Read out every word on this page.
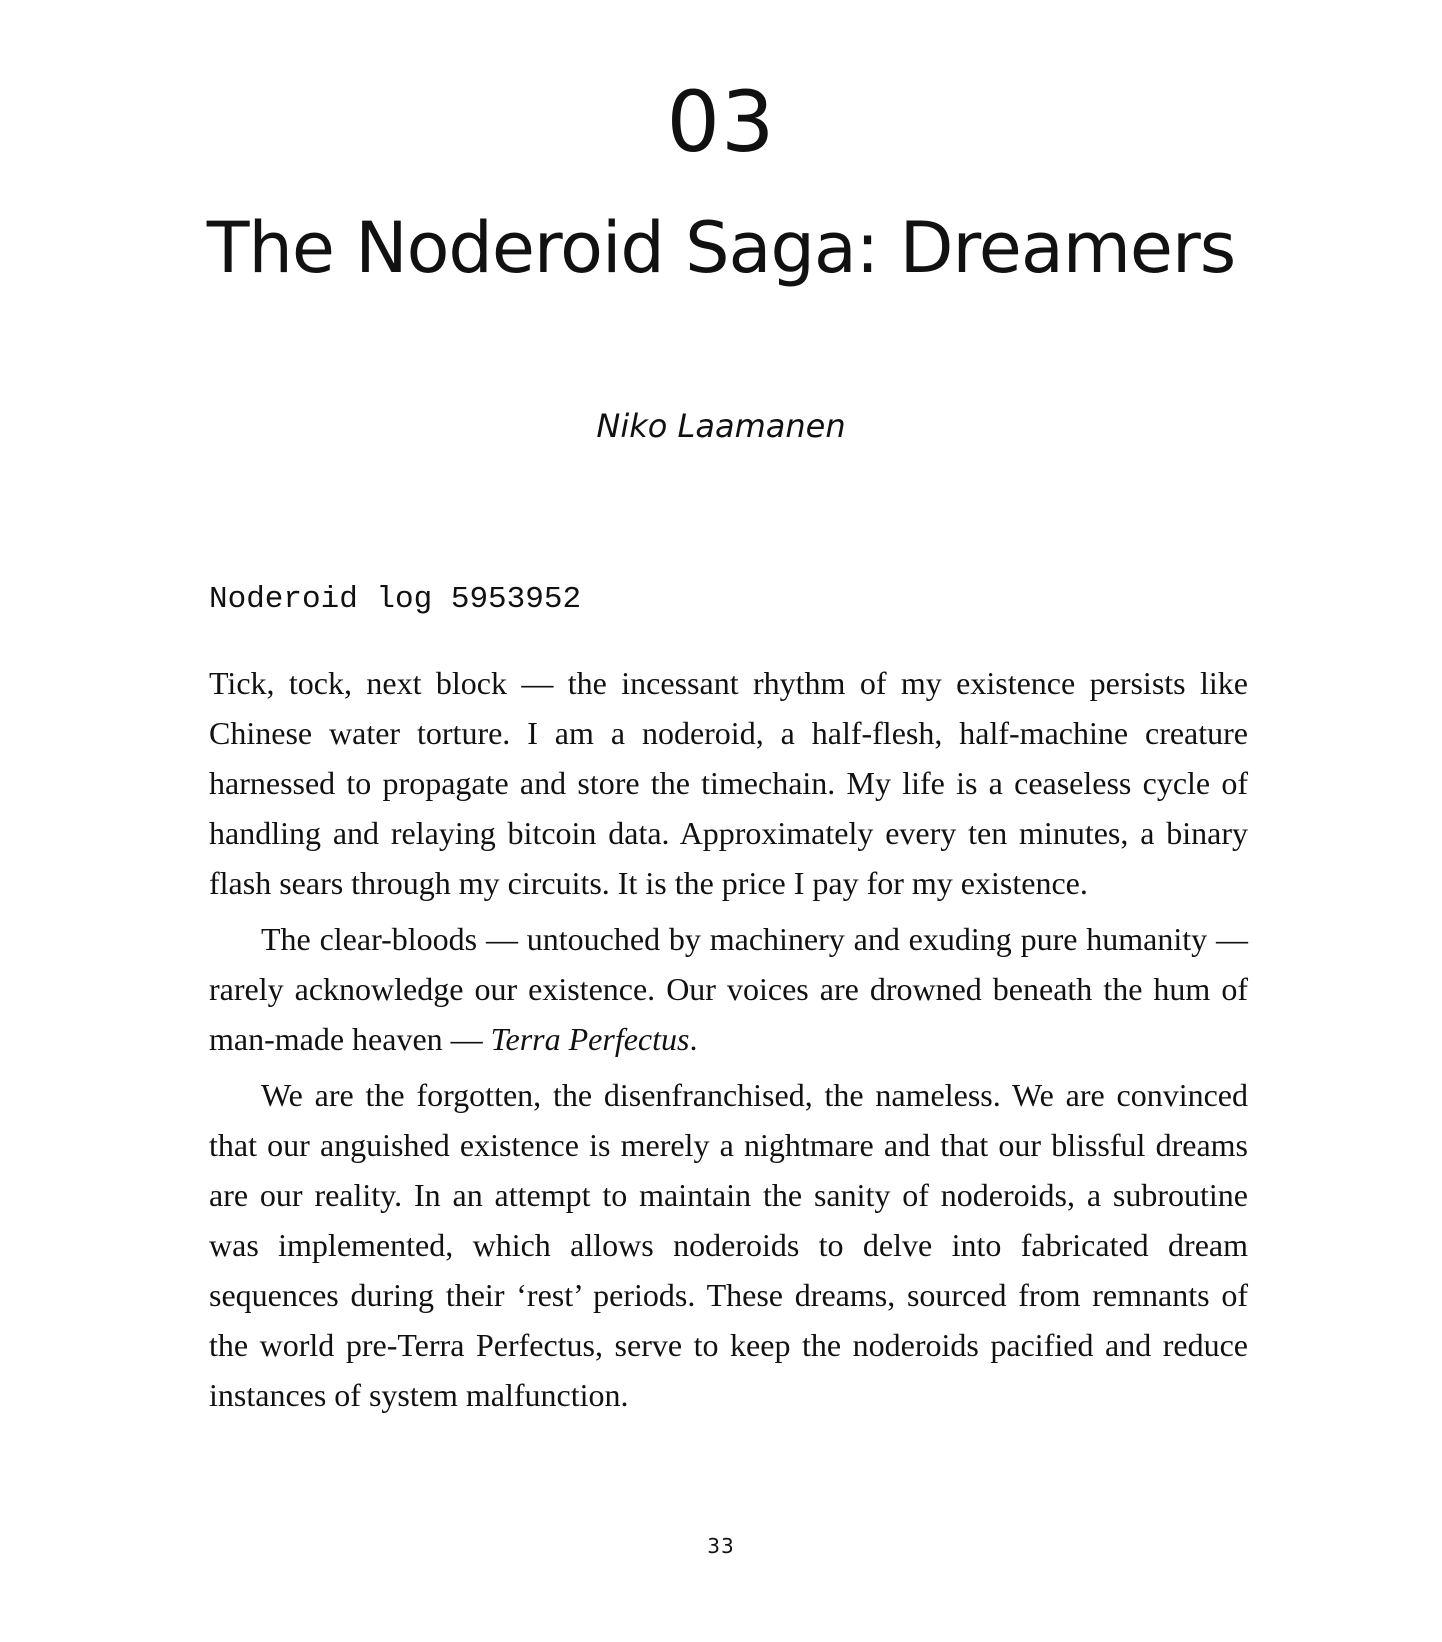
03
The Noderoid Saga: Dreamers
Niko Laamanen
Noderoid log 5953952

Tick, tock, next block — the incessant rhythm of my existence persists like Chinese water torture. I am a noderoid, a half-flesh, half-machine creature harnessed to propagate and store the timechain. My life is a ceaseless cycle of handling and relaying bitcoin data. Approximately every ten minutes, a binary flash sears through my circuits. It is the price I pay for my existence.

The clear-bloods — untouched by machinery and exuding pure humanity — rarely acknowledge our existence. Our voices are drowned beneath the hum of man-made heaven — Terra Perfectus.

We are the forgotten, the disenfranchised, the nameless. We are convinced that our anguished existence is merely a nightmare and that our blissful dreams are our reality. In an attempt to maintain the sanity of noderoids, a subroutine was implemented, which allows noderoids to delve into fabricated dream sequences during their ‘rest’ periods. These dreams, sourced from remnants of the world pre-Terra Perfectus, serve to keep the noderoids pacified and reduce instances of system malfunction.

33
